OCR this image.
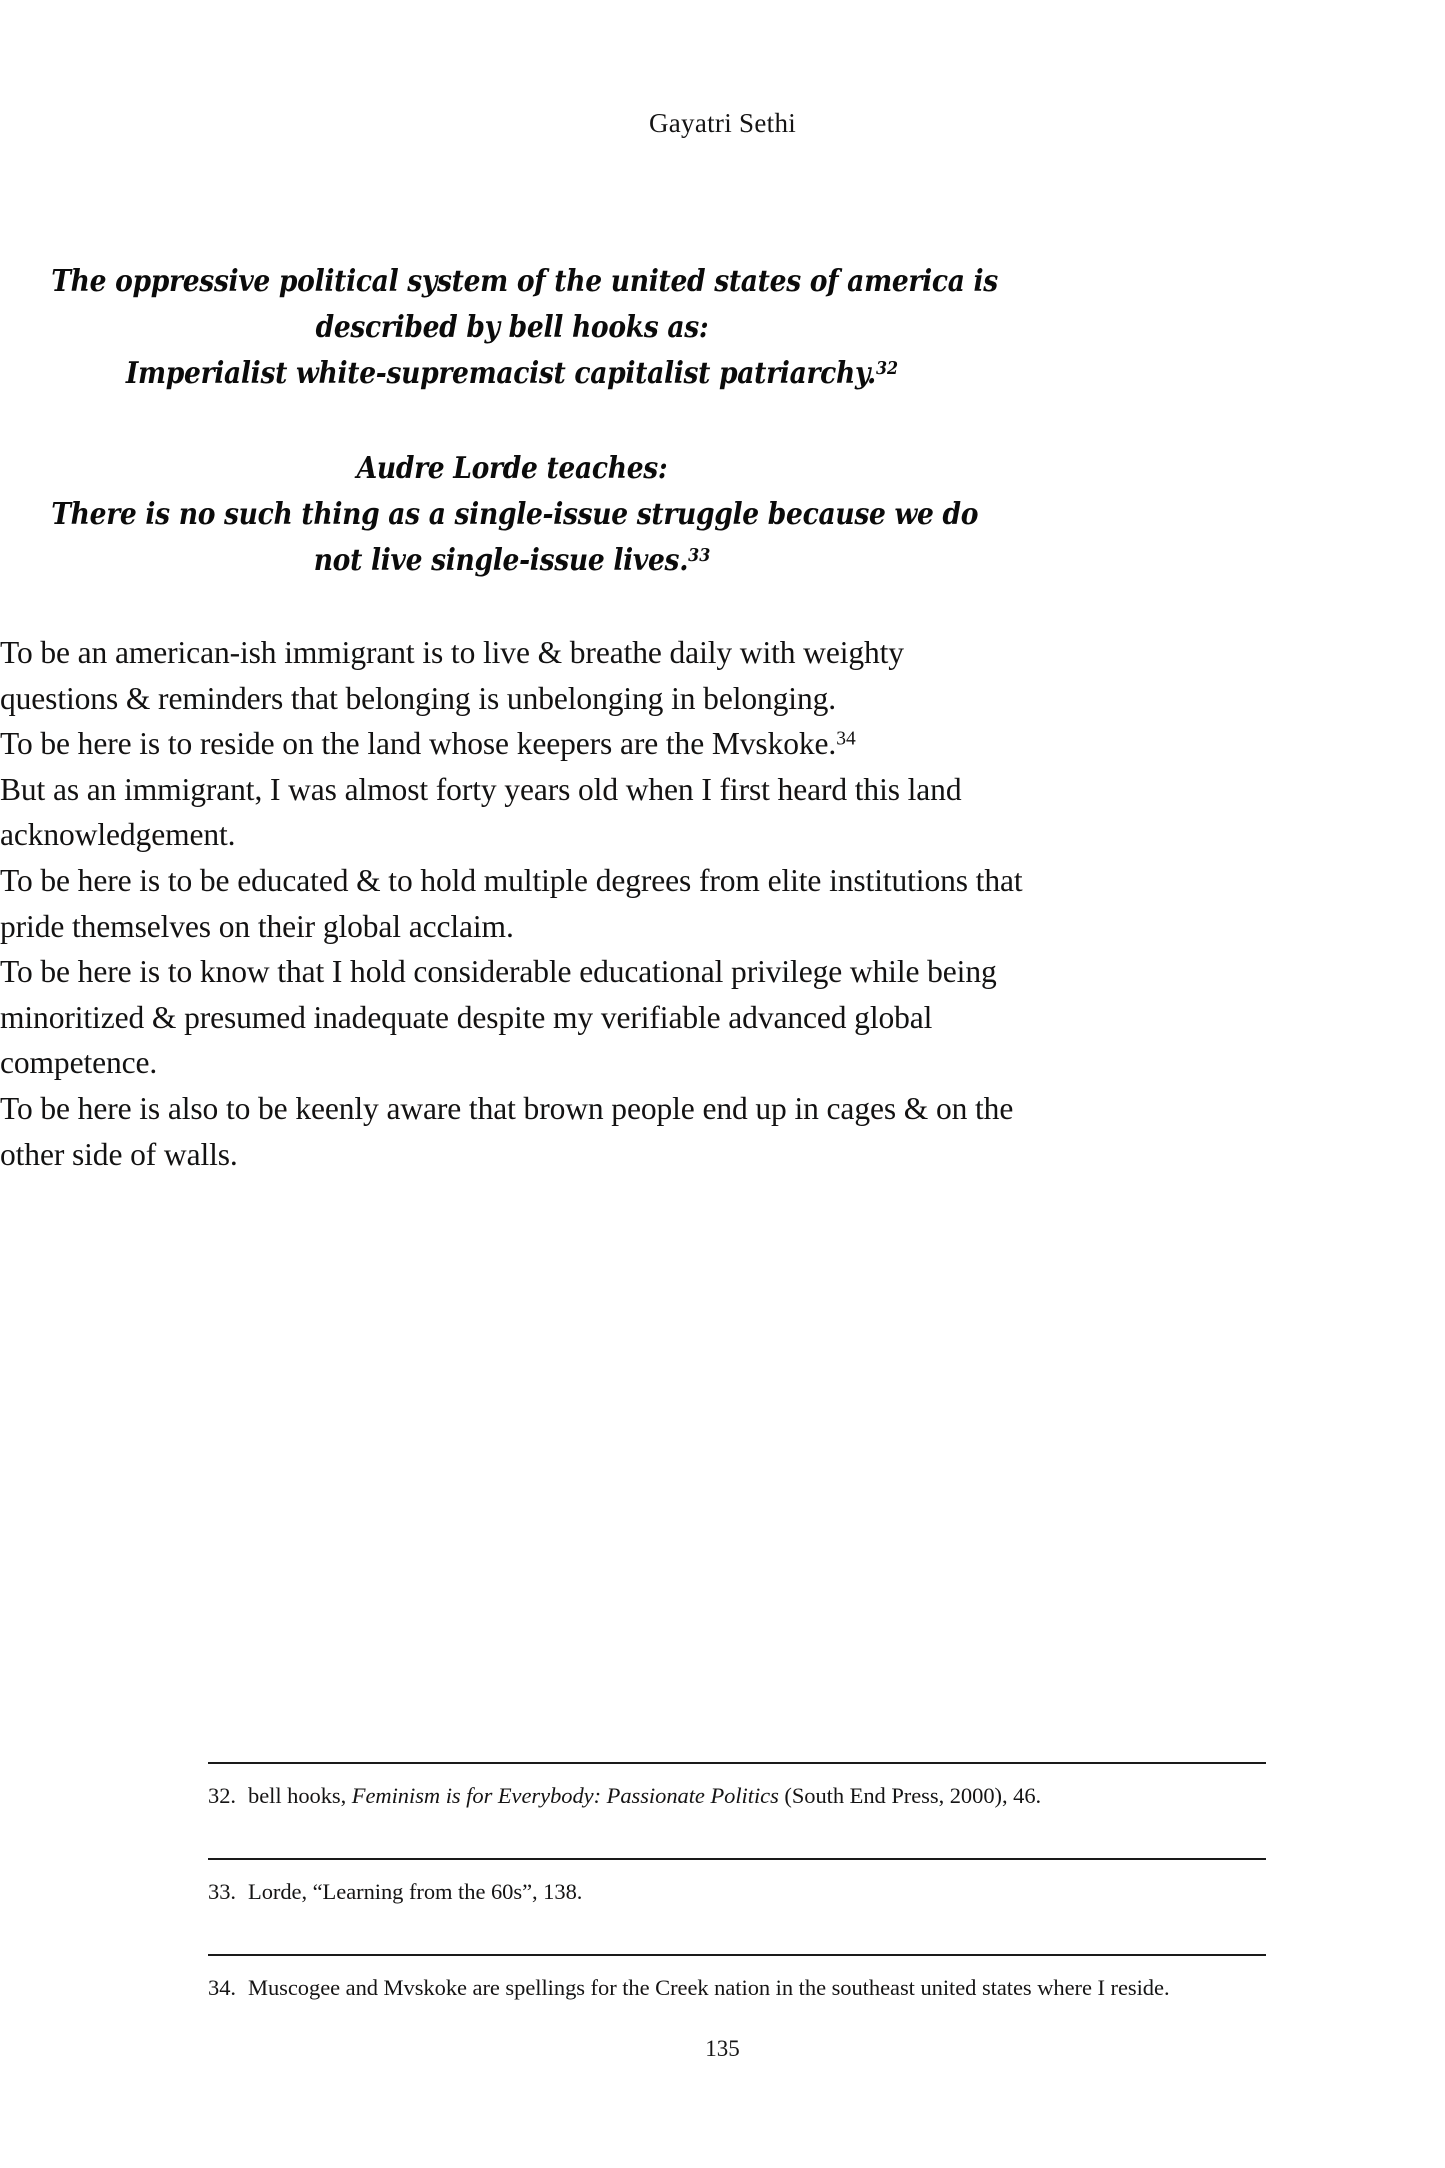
Gayatri Sethi
The oppressive political system of the united states of america is
described by bell hooks as:
Imperialist white-supremacist capitalist patriarchy.$^{32}$
Audre Lorde teaches:
There is no such thing as a single-issue struggle because we do
not live single-issue lives.$^{33}$

To be an american-ish immigrant is to live & breathe daily with weighty questions & reminders that belonging is unbelonging in belonging.

To be here is to reside on the land whose keepers are the Mvskoke.$^{34}$

But as an immigrant, I was almost forty years old when I first heard this land acknowledgement.

To be here is to be educated & to hold multiple degrees from elite institutions that pride themselves on their global acclaim.

To be here is to know that I hold considerable educational privilege while being minoritized & presumed inadequate despite my verifiable advanced global competence.

To be here is also to be keenly aware that brown people end up in cages & on the other side of walls.

32. bell hooks, Feminism is for Everybody: Passionate Politics (South End Press, 2000), 46.
33. Lorde, “Learning from the 60s”, 138.
34. Muscogee and Mvskoke are spellings for the Creek nation in the southeast united states where I reside.
135
